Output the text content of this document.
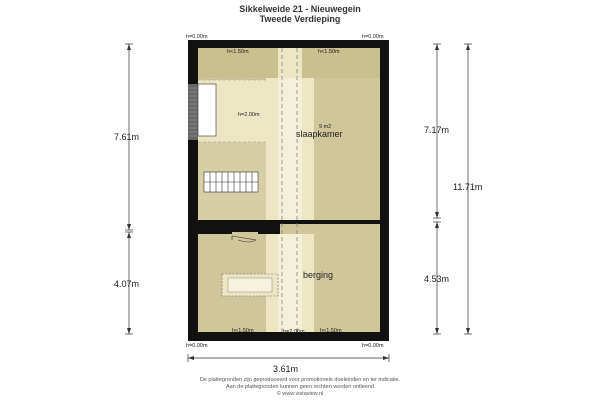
Sikkelweide 21 - Nieuwegein
Tweede Verdieping
h=0.00m	h=0.00m
h<1.50m	h<1.50m
h=2.00m
h<1.50m	h=2.06m	h<1.50m
h=0.00m	h=0.00m
9 m2
slaapkamer
berging
7.61m
4.07m
7.17m
11.71m
4.53m
3.61m
De plattegronden zijn geproduceerd voor promotionele doeleinden en ter indicatie.
Aan de plattegronden kunnen geen rechten worden ontleend
© www.vistaview.nl
